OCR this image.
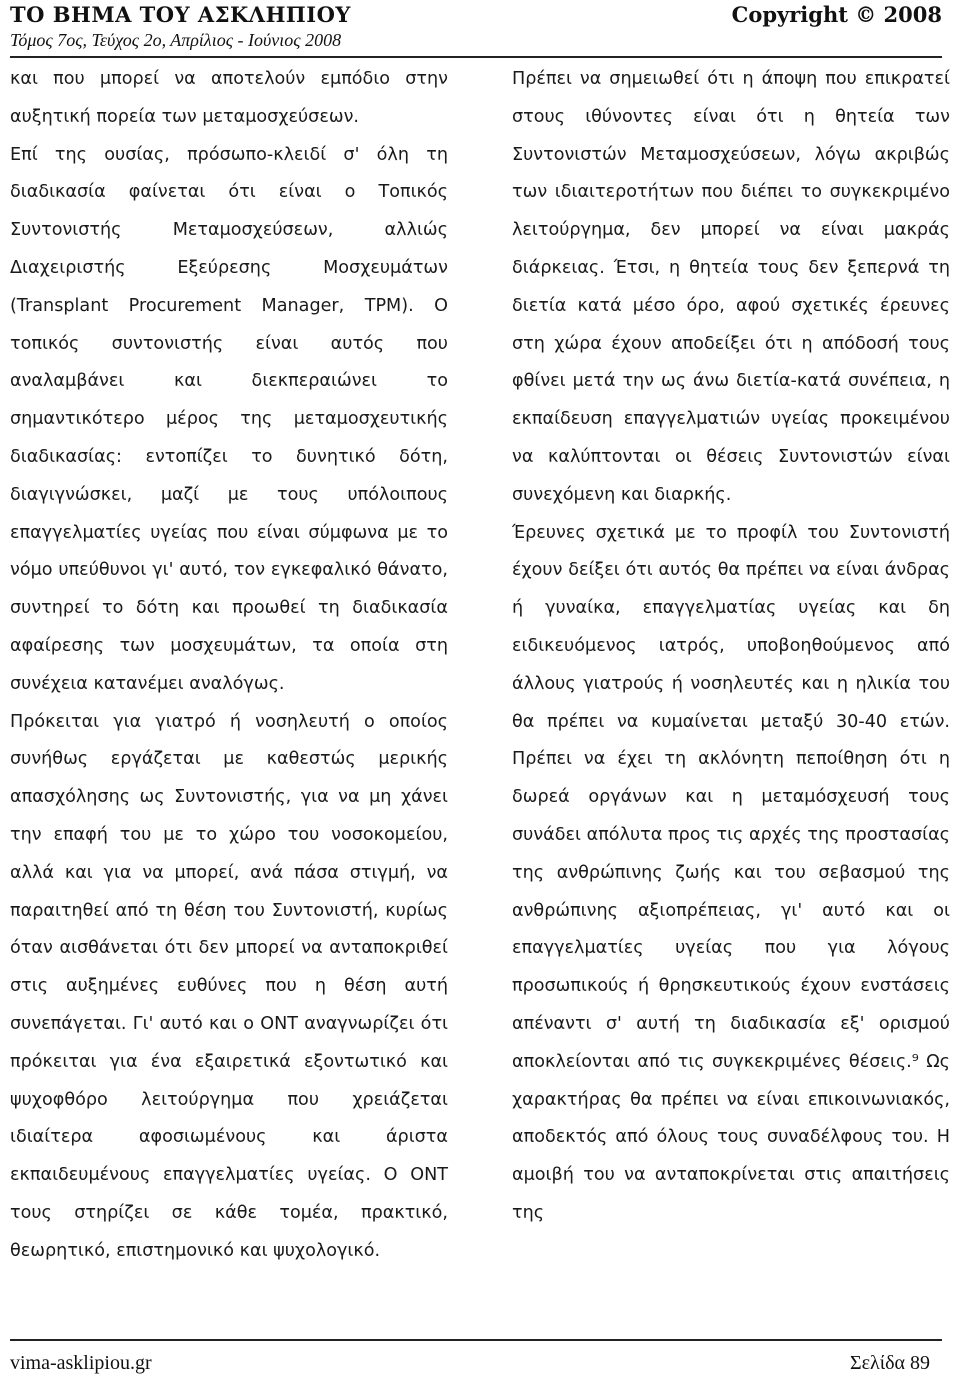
ΤΟ ΒΗΜΑ ΤΟΥ ΑΣΚΛΗΠΙΟΥ
Τόμος 7ος, Τεύχος 2ο, Απρίλιος - Ιούνιος 2008
Copyright © 2008

και που μπορεί να αποτελούν εμπόδιο στην αυξητική πορεία των μεταμοσχεύσεων.

Επί της ουσίας, πρόσωπο-κλειδί σ' όλη τη διαδικασία φαίνεται ότι είναι ο Τοπικός Συντονιστής Μεταμοσχεύσεων, αλλιώς Διαχειριστής Εξεύρεσης Μοσχευμάτων (Transplant Procurement Manager, TPM). Ο τοπικός συντονιστής είναι αυτός που αναλαμβάνει και διεκπεραιώνει το σημαντικότερο μέρος της μεταμοσχευτικής διαδικασίας: εντοπίζει το δυνητικό δότη, διαγιγνώσκει, μαζί με τους υπόλοιπους επαγγελματίες υγείας που είναι σύμφωνα με το νόμο υπεύθυνοι γι' αυτό, τον εγκεφαλικό θάνατο, συντηρεί το δότη και προωθεί τη διαδικασία αφαίρεσης των μοσχευμάτων, τα οποία στη συνέχεια κατανέμει αναλόγως.

Πρόκειται για γιατρό ή νοσηλευτή ο οποίος συνήθως εργάζεται με καθεστώς μερικής απασχόλησης ως Συντονιστής, για να μη χάνει την επαφή του με το χώρο του νοσοκομείου, αλλά και για να μπορεί, ανά πάσα στιγμή, να παραιτηθεί από τη θέση του Συντονιστή, κυρίως όταν αισθάνεται ότι δεν μπορεί να ανταποκριθεί στις αυξημένες ευθύνες που η θέση αυτή συνεπάγεται. Γι' αυτό και ο ΟΝΤ αναγνωρίζει ότι πρόκειται για ένα εξαιρετικά εξοντωτικό και ψυχοφθόρο λειτούργημα που χρειάζεται ιδιαίτερα αφοσιωμένους και άριστα εκπαιδευμένους επαγγελματίες υγείας. Ο ΟΝΤ τους στηρίζει σε κάθε τομέα, πρακτικό, θεωρητικό, επιστημονικό και ψυχολογικό.

Πρέπει να σημειωθεί ότι η άποψη που επικρατεί στους ιθύνοντες είναι ότι η θητεία των Συντονιστών Μεταμοσχεύσεων, λόγω ακριβώς των ιδιαιτεροτήτων που διέπει το συγκεκριμένο λειτούργημα, δεν μπορεί να είναι μακράς διάρκειας. Έτσι, η θητεία τους δεν ξεπερνά τη διετία κατά μέσο όρο, αφού σχετικές έρευνες στη χώρα έχουν αποδείξει ότι η απόδοσή τους φθίνει μετά την ως άνω διετία-κατά συνέπεια, η εκπαίδευση επαγγελματιών υγείας προκειμένου να καλύπτονται οι θέσεις Συντονιστών είναι συνεχόμενη και διαρκής.

Έρευνες σχετικά με το προφίλ του Συντονιστή έχουν δείξει ότι αυτός θα πρέπει να είναι άνδρας ή γυναίκα, επαγγελματίας υγείας και δη ειδικευόμενος ιατρός, υποβοηθούμενος από άλλους γιατρούς ή νοσηλευτές και η ηλικία του θα πρέπει να κυμαίνεται μεταξύ 30-40 ετών. Πρέπει να έχει τη ακλόνητη πεποίθηση ότι η δωρεά οργάνων και η μεταμόσχευσή τους συνάδει απόλυτα προς τις αρχές της προστασίας της ανθρώπινης ζωής και του σεβασμού της ανθρώπινης αξιοπρέπειας, γι' αυτό και οι επαγγελματίες υγείας που για λόγους προσωπικούς ή θρησκευτικούς έχουν ενστάσεις απέναντι σ' αυτή τη διαδικασία εξ' ορισμού αποκλείονται από τις συγκεκριμένες θέσεις.⁹ Ως χαρακτήρας θα πρέπει να είναι επικοινωνιακός, αποδεκτός από όλους τους συναδέλφους του. Η αμοιβή του να ανταποκρίνεται στις απαιτήσεις της

vima-asklipiou.gr	Σελίδα 89
